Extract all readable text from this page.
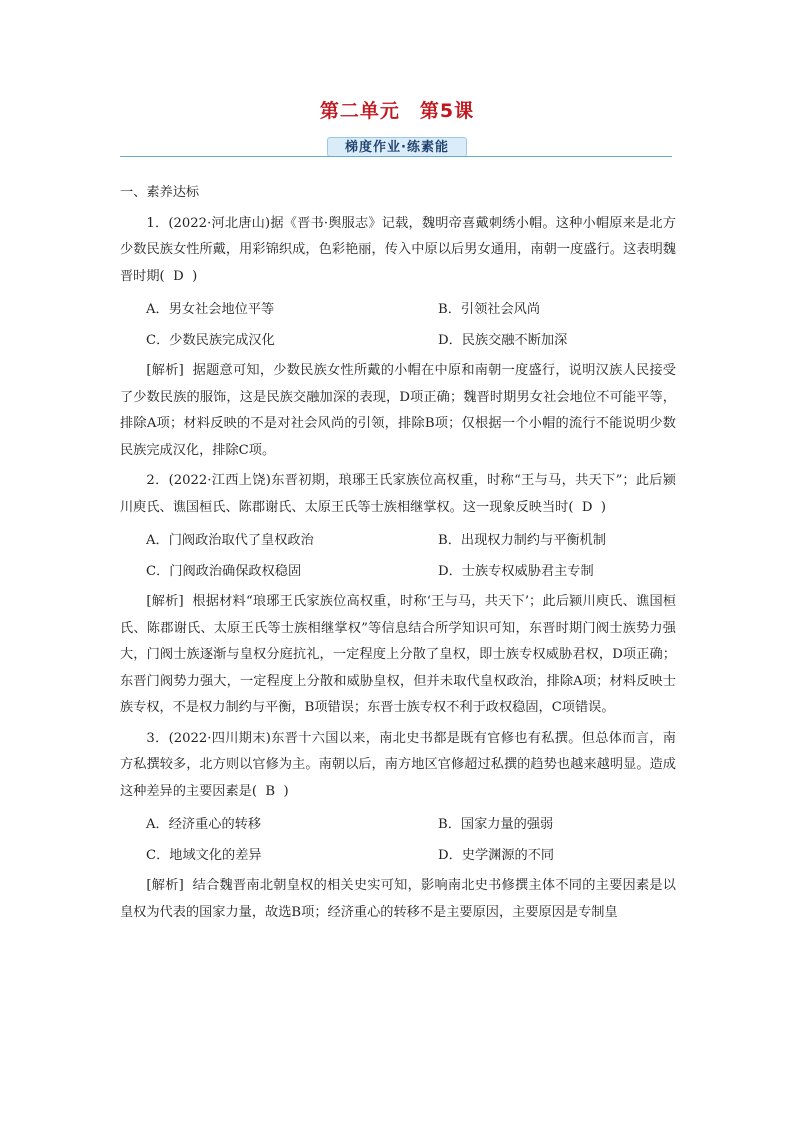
第二单元　第5课
梯度作业·练素能

一、素养达标

1．(2022·河北唐山)据《晋书·舆服志》记载，魏明帝喜戴刺绣小帽。这种小帽原来是北方少数民族女性所戴，用彩锦织成，色彩艳丽，传入中原以后男女通用，南朝一度盛行。这表明魏晋时期( D )

A．男女社会地位平等	B．引领社会风尚
C．少数民族完成汉化	D．民族交融不断加深

[解析] 据题意可知，少数民族女性所戴的小帽在中原和南朝一度盛行，说明汉族人民接受了少数民族的服饰，这是民族交融加深的表现，D项正确；魏晋时期男女社会地位不可能平等，排除A项；材料反映的不是对社会风尚的引领，排除B项；仅根据一个小帽的流行不能说明少数民族完成汉化，排除C项。

2．(2022·江西上饶)东晋初期，琅琊王氏家族位高权重，时称“王与马，共天下”；此后颍川庾氏、谯国桓氏、陈郡谢氏、太原王氏等士族相继掌权。这一现象反映当时( D )

A．门阀政治取代了皇权政治	B．出现权力制约与平衡机制
C．门阀政治确保政权稳固	D．士族专权威胁君主专制

[解析] 根据材料“琅琊王氏家族位高权重，时称‘王与马，共天下’；此后颍川庾氏、谯国桓氏、陈郡谢氏、太原王氏等士族相继掌权”等信息结合所学知识可知，东晋时期门阀士族势力强大，门阀士族逐渐与皇权分庭抗礼，一定程度上分散了皇权，即士族专权威胁君权，D项正确；东晋门阀势力强大，一定程度上分散和威胁皇权，但并未取代皇权政治，排除A项；材料反映士族专权，不是权力制约与平衡，B项错误；东晋士族专权不利于政权稳固，C项错误。

3．(2022·四川期末)东晋十六国以来，南北史书都是既有官修也有私撰。但总体而言，南方私撰较多，北方则以官修为主。南朝以后，南方地区官修超过私撰的趋势也越来越明显。造成这种差异的主要因素是( B )

A．经济重心的转移	B．国家力量的强弱
C．地域文化的差异	D．史学渊源的不同

[解析] 结合魏晋南北朝皇权的相关史实可知，影响南北史书修撰主体不同的主要因素是以皇权为代表的国家力量，故选B项；经济重心的转移不是主要原因，主要原因是专制皇
